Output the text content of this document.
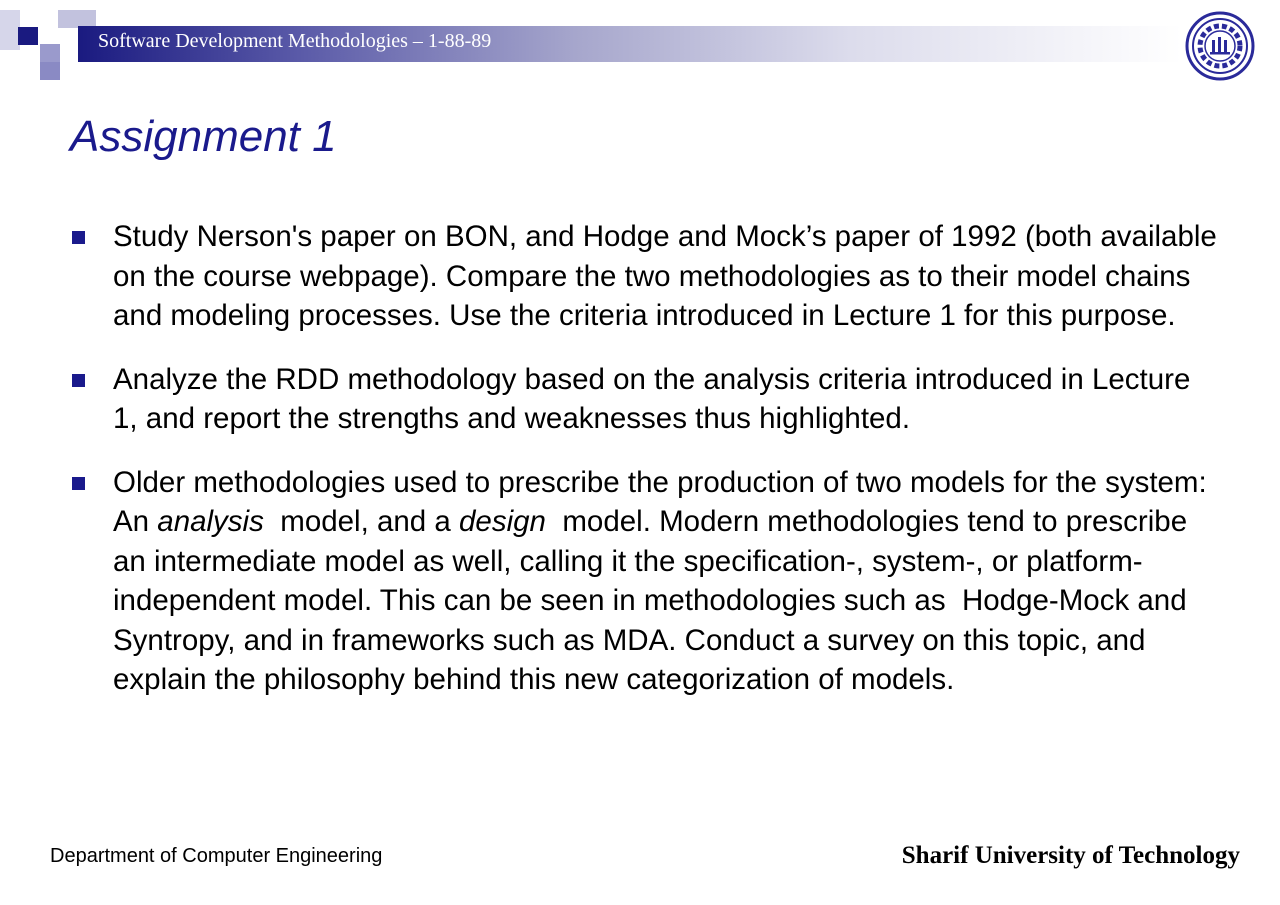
Software Development Methodologies – 1-88-89
Assignment 1
Study Nerson's paper on BON, and Hodge and Mock’s paper of 1992 (both available on the course webpage). Compare the two methodologies as to their model chains and modeling processes. Use the criteria introduced in Lecture 1 for this purpose.
Analyze the RDD methodology based on the analysis criteria introduced in Lecture 1, and report the strengths and weaknesses thus highlighted.
Older methodologies used to prescribe the production of two models for the system: An analysis  model, and a design  model. Modern methodologies tend to prescribe an intermediate model as well, calling it the specification-, system-, or platform-independent model. This can be seen in methodologies such as  Hodge-Mock and Syntropy, and in frameworks such as MDA. Conduct a survey on this topic, and explain the philosophy behind this new categorization of models.
Department of Computer Engineering	Sharif University of Technology
